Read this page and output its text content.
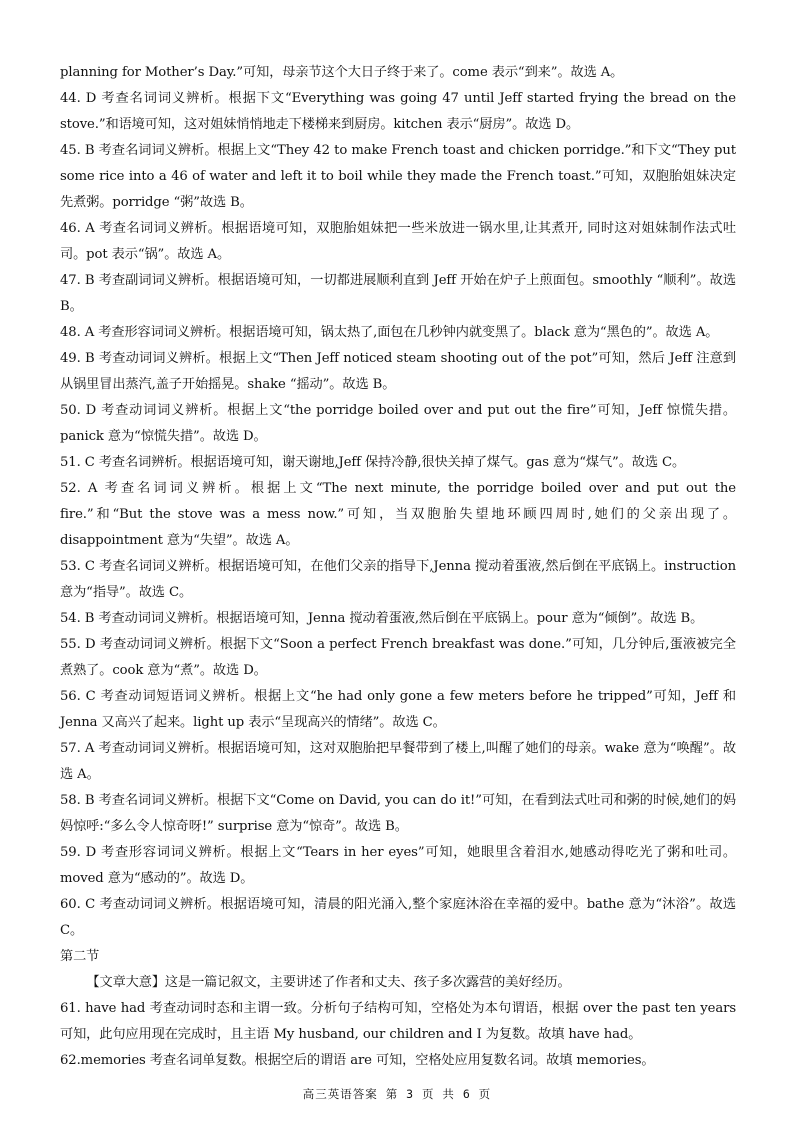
planning for Mother’s Day.”可知，母亲节这个大日子终于来了。come 表示“到来”。故选 A。

44. D 考查名词词义辨析。根据下文“Everything was going 47 until Jeff started frying the bread on the stove.”和语境可知，这对姐妹悄悄地走下楼梯来到厨房。kitchen 表示“厨房”。故选 D。

45. B 考查名词词义辨析。根据上文“They 42 to make French toast and chicken porridge.”和下文“They put some rice into a 46 of water and left it to boil while they made the French toast.”可知，双胞胎姐妹决定先煮粥。porridge “粥”故选 B。

46. A 考查名词词义辨析。根据语境可知，双胞胎姐妹把一些米放进一锅水里,让其煮开, 同时这对姐妹制作法式吐司。pot 表示“锅”。故选 A。

47. B 考查副词词义辨析。根据语境可知，一切都进展顺利直到 Jeff 开始在炉子上煎面包。smoothly “顺利”。故选 B。

48. A 考查形容词词义辨析。根据语境可知，锅太热了,面包在几秒钟内就变黑了。black 意为“黑色的”。故选 A。

49. B 考查动词词义辨析。根据上文“Then Jeff noticed steam shooting out of the pot”可知，然后 Jeff 注意到从锅里冒出蒸汽,盖子开始摇晃。shake “摇动”。故选 B。

50. D 考查动词词义辨析。根据上文“the porridge boiled over and put out the fire”可知，Jeff 惊慌失措。panick 意为“惊慌失措”。故选 D。

51. C 考查名词辨析。根据语境可知，谢天谢地,Jeff 保持冷静,很快关掉了煤气。gas 意为“煤气”。故选 C。

52. A 考查名词词义辨析。根据上文“The next minute, the porridge boiled over and put out the fire.”和“But the stove was a mess now.”可知，当双胞胎失望地环顾四周时,她们的父亲出现了。disappointment 意为“失望”。故选 A。

53. C 考查名词词义辨析。根据语境可知，在他们父亲的指导下,Jenna 搅动着蛋液,然后倒在平底锅上。instruction 意为“指导”。故选 C。

54. B 考查动词词义辨析。根据语境可知，Jenna 搅动着蛋液,然后倒在平底锅上。pour 意为“倾倒”。故选 B。

55. D 考查动词词义辨析。根据下文“Soon a perfect French breakfast was done.”可知，几分钟后,蛋液被完全煮熟了。cook 意为“煮”。故选 D。

56. C 考查动词短语词义辨析。根据上文“he had only gone a few meters before he tripped”可知，Jeff 和 Jenna 又高兴了起来。light up 表示“呈现高兴的情绪”。故选 C。

57. A 考查动词词义辨析。根据语境可知，这对双胞胎把早餐带到了楼上,叫醒了她们的母亲。wake 意为“唤醒”。故选 A。

58. B 考查名词词义辨析。根据下文“Come on David, you can do it!”可知，在看到法式吐司和粥的时候,她们的妈妈惊呼:“多么令人惊奇呀!” surprise 意为“惊奇”。故选 B。

59. D 考查形容词词义辨析。根据上文“Tears in her eyes”可知，她眼里含着泪水,她感动得吃光了粥和吐司。moved 意为“感动的”。故选 D。

60. C 考查动词词义辨析。根据语境可知，清晨的阳光涌入,整个家庭沐浴在幸福的爱中。bathe 意为“沐浴”。故选 C。

第二节

【文章大意】这是一篇记叙文，主要讲述了作者和丈夫、孩子多次露营的美好经历。

61. have had 考查动词时态和主谓一致。分析句子结构可知，空格处为本句谓语，根据 over the past ten years 可知，此句应用现在完成时，且主语 My husband, our children and I 为复数。故填 have had。

62.memories 考查名词单复数。根据空后的谓语 are 可知，空格处应用复数名词。故填 memories。

高三英语答案 第 3 页 共 6 页
